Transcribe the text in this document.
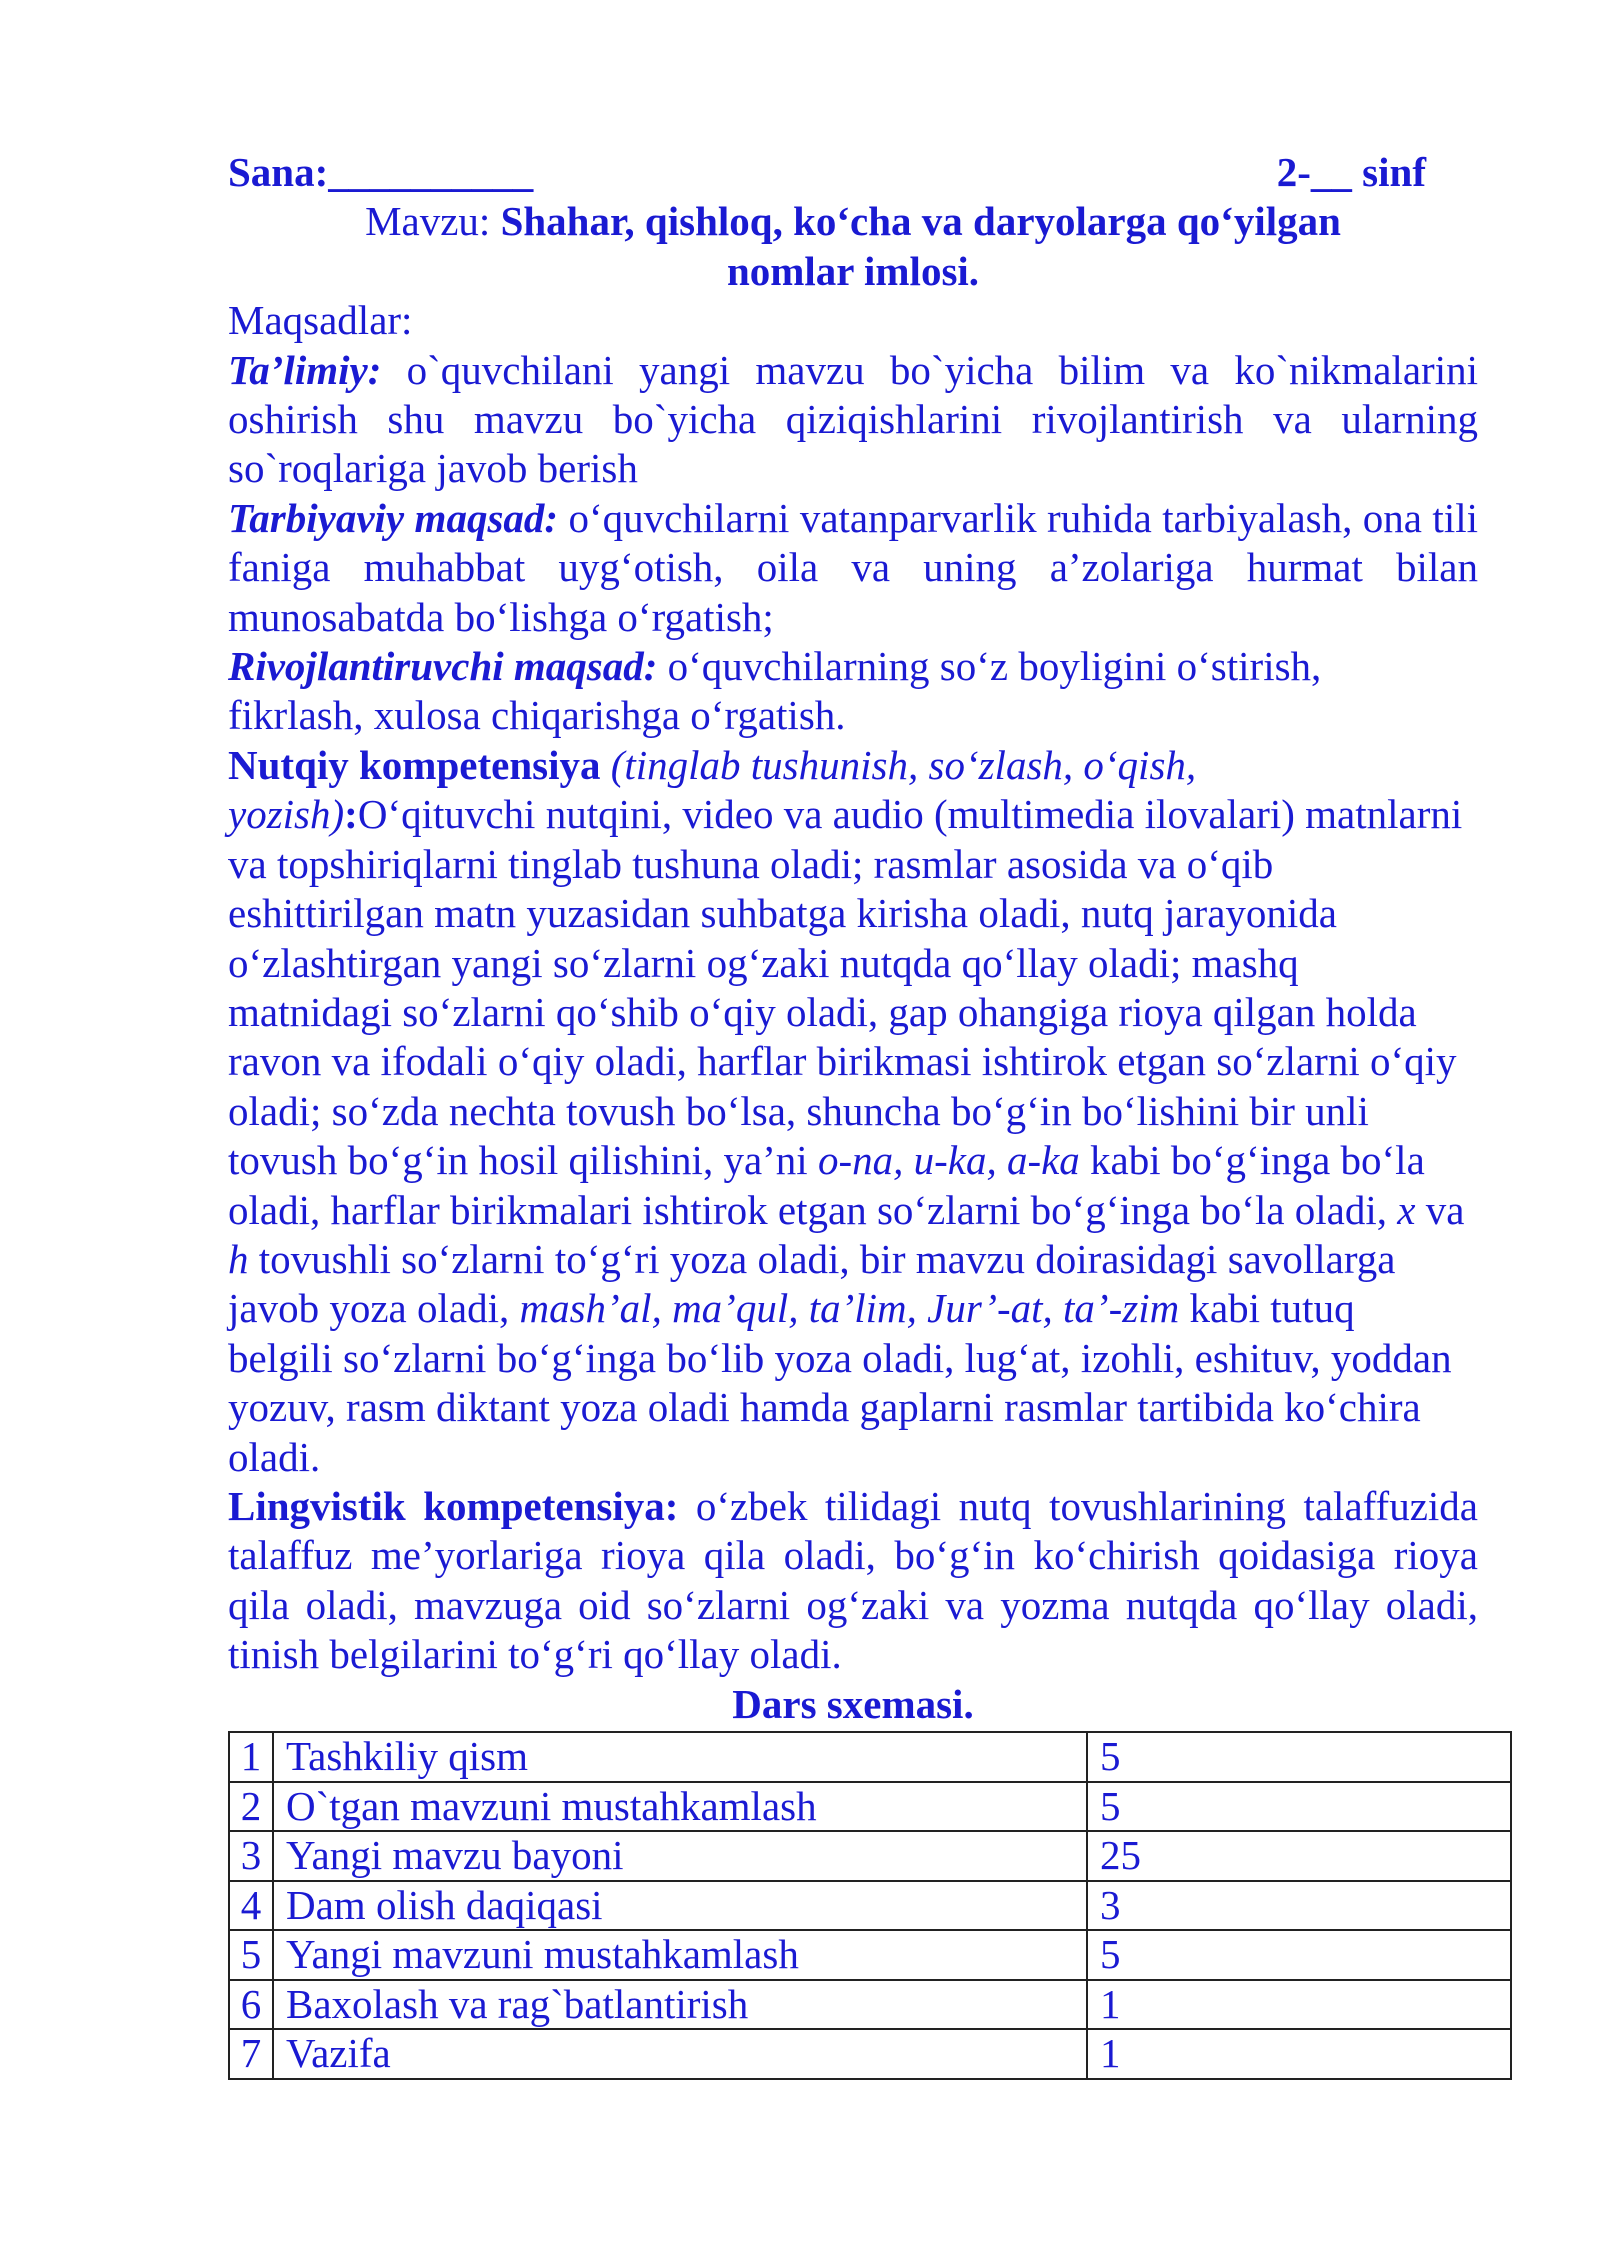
Sana:__________	2-__ sinf
Mavzu: Shahar, qishloq, ko‘cha va daryolarga qo‘yilgan nomlar imlosi.

Maqsadlar:

Ta’limiy: o`quvchilani yangi mavzu bo`yicha bilim va ko`nikmalarini oshirish shu mavzu bo`yicha qiziqishlarini rivojlantirish va ularning so`roqlariga javob berish

Tarbiyaviy maqsad: o‘quvchilarni vatanparvarlik ruhida tarbiyalash, ona tili faniga muhabbat uyg‘otish, oila va uning a’zolariga hurmat bilan munosabatda bo‘lishga o‘rgatish;

Rivojlantiruvchi maqsad: o‘quvchilarning so‘z boyligini o‘stirish, fikrlash, xulosa chiqarishga o‘rgatish.

Nutqiy kompetensiya (tinglab tushunish, so‘zlash, o‘qish, yozish):O‘qituvchi nutqini, video va audio (multimedia ilovalari) matnlarni va topshiriqlarni tinglab tushuna oladi; rasmlar asosida va o‘qib eshittirilgan matn yuzasidan suhbatga kirisha oladi, nutq jarayonida o‘zlashtirgan yangi so‘zlarni og‘zaki nutqda qo‘llay oladi; mashq matnidagi so‘zlarni qo‘shib o‘qiy oladi, gap ohangiga rioya qilgan holda ravon va ifodali o‘qiy oladi, harflar birikmasi ishtirok etgan so‘zlarni o‘qiy oladi; so‘zda nechta tovush bo‘lsa, shuncha bo‘g‘in bo‘lishini bir unli tovush bo‘g‘in hosil qilishini, ya’ni o-na, u-ka, a-ka kabi bo‘g‘inga bo‘la oladi, harflar birikmalari ishtirok etgan so‘zlarni bo‘g‘inga bo‘la oladi, x va h tovushli so‘zlarni to‘g‘ri yoza oladi, bir mavzu doirasidagi savollarga javob yoza oladi, mash’al, ma’qul, ta’lim, Jur’-at, ta’-zim kabi tutuq belgili so‘zlarni bo‘g‘inga bo‘lib yoza oladi, lug‘at, izohli, eshituv, yoddan yozuv, rasm diktant yoza oladi hamda gaplarni rasmlar tartibida ko‘chira oladi.

Lingvistik kompetensiya: o‘zbek tilidagi nutq tovushlarining talaffuzida talaffuz me’yorlariga rioya qila oladi, bo‘g‘in ko‘chirish qoidasiga rioya qila oladi, mavzuga oid so‘zlarni og‘zaki va yozma nutqda qo‘llay oladi, tinish belgilarini to‘g‘ri qo‘llay oladi.

Dars sxemasi.

1	Tashkiliy qism	5
2	O`tgan mavzuni mustahkamlash	5
3	Yangi mavzu bayoni	25
4	Dam olish daqiqasi	3
5	Yangi mavzuni mustahkamlash	5
6	Baxolash va rag`batlantirish	1
7	Vazifa	1
